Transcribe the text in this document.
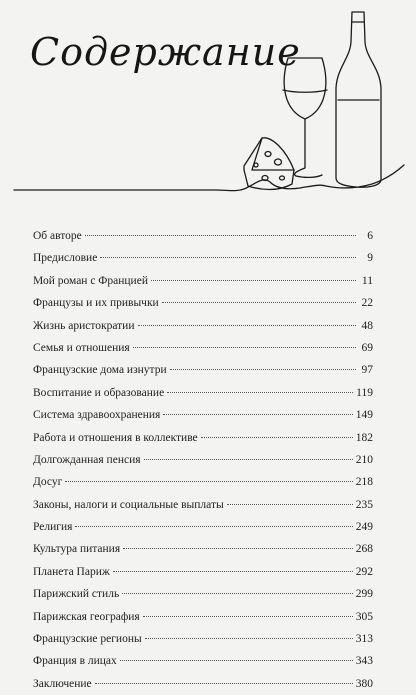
Содержание
Об авторе	6
Предисловие	9
Мой роман с Францией	11
Французы и их привычки	22
Жизнь аристократии	48
Семья и отношения	69
Французские дома изнутри	97
Воспитание и образование	119
Система здравоохранения	149
Работа и отношения в коллективе	182
Долгожданная пенсия	210
Досуг	218
Законы, налоги и социальные выплаты	235
Религия	249
Культура питания	268
Планета Париж	292
Парижский стиль	299
Парижская география	305
Французские регионы	313
Франция в лицах	343
Заключение	380
